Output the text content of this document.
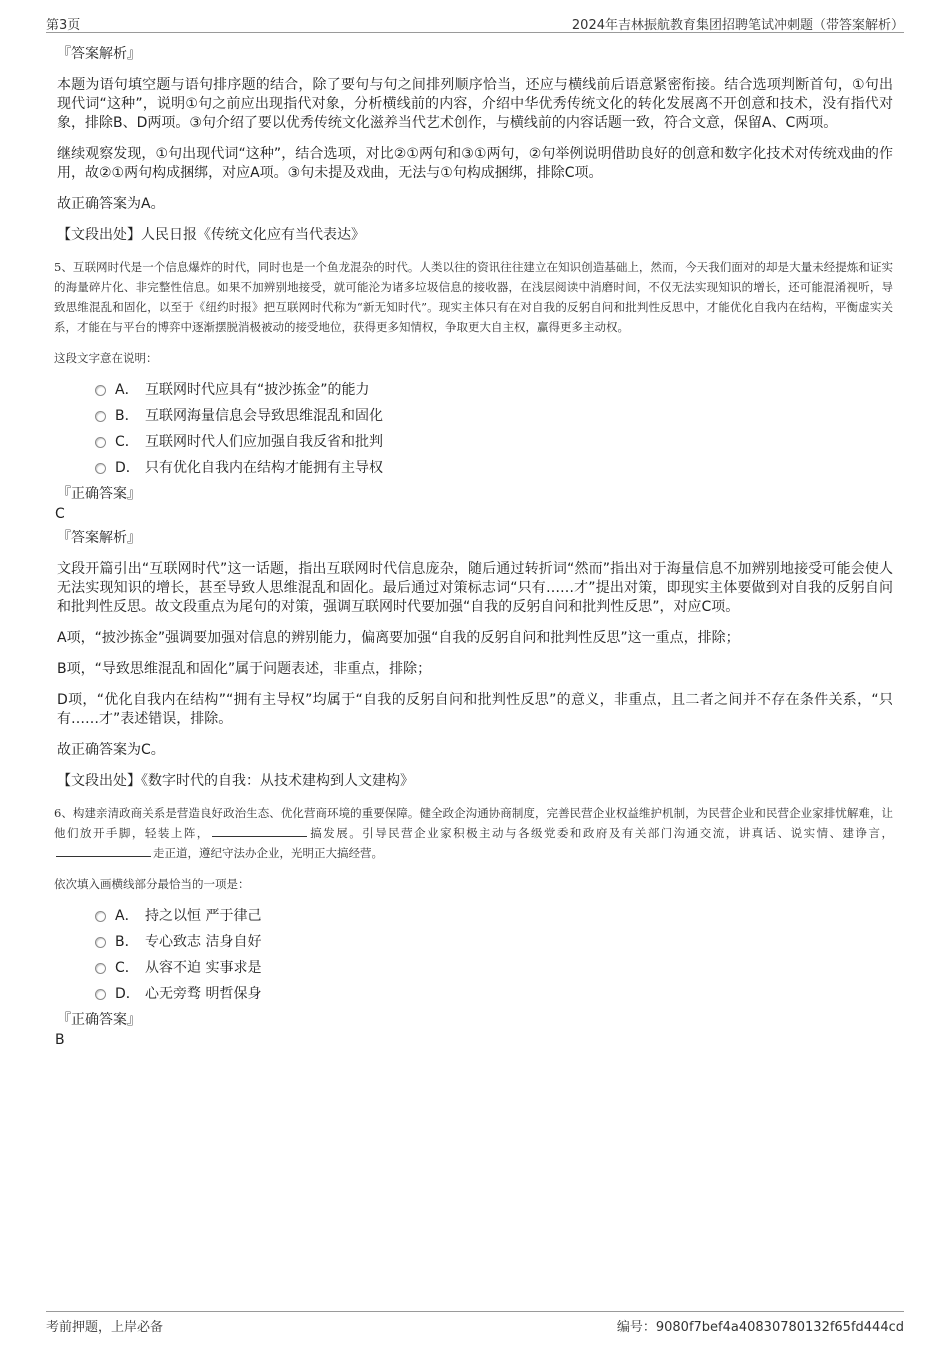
第3页	2024年吉林振航教育集团招聘笔试冲刺题（带答案解析）
『答案解析』

本题为语句填空题与语句排序题的结合，除了要句与句之间排列顺序恰当，还应与横线前后语意紧密衔接。结合选项判断首句，①句出现代词“这种”，说明①句之前应出现指代对象，分析横线前的内容，介绍中华优秀传统文化的转化发展离不开创意和技术，没有指代对象，排除B、D两项。③句介绍了要以优秀传统文化滋养当代艺术创作，与横线前的内容话题一致，符合文意，保留A、C两项。

继续观察发现，①句出现代词“这种”，结合选项，对比②①两句和③①两句，②句举例说明借助良好的创意和数字化技术对传统戏曲的作用，故②①两句构成捆绑，对应A项。③句未提及戏曲，无法与①句构成捆绑，排除C项。

故正确答案为A。

【文段出处】人民日报《传统文化应有当代表达》

5、互联网时代是一个信息爆炸的时代，同时也是一个鱼龙混杂的时代。人类以往的资讯往往建立在知识创造基础上，然而，今天我们面对的却是大量未经提炼和证实的海量碎片化、非完整性信息。如果不加辨别地接受，就可能沦为诸多垃圾信息的接收器，在浅层阅读中消磨时间，不仅无法实现知识的增长，还可能混淆视听，导致思维混乱和固化，以至于《纽约时报》把互联网时代称为“新无知时代”。现实主体只有在对自我的反躬自问和批判性反思中，才能优化自我内在结构，平衡虚实关系，才能在与平台的博弈中逐渐摆脱消极被动的接受地位，获得更多知情权，争取更大自主权，赢得更多主动权。

这段文字意在说明：

A． 互联网时代应具有“披沙拣金”的能力
B． 互联网海量信息会导致思维混乱和固化
C． 互联网时代人们应加强自我反省和批判
D． 只有优化自我内在结构才能拥有主导权
『正确答案』
C
『答案解析』

文段开篇引出“互联网时代”这一话题，指出互联网时代信息庞杂，随后通过转折词“然而”指出对于海量信息不加辨别地接受可能会使人无法实现知识的增长，甚至导致人思维混乱和固化。最后通过对策标志词“只有……才”提出对策，即现实主体要做到对自我的反躬自问和批判性反思。故文段重点为尾句的对策，强调互联网时代要加强“自我的反躬自问和批判性反思”，对应C项。

A项，“披沙拣金”强调要加强对信息的辨别能力，偏离要加强“自我的反躬自问和批判性反思”这一重点，排除；

B项，“导致思维混乱和固化”属于问题表述，非重点，排除；

D项，“优化自我内在结构”“拥有主导权”均属于“自我的反躬自问和批判性反思”的意义，非重点，且二者之间并不存在条件关系，“只有……才”表述错误，排除。

故正确答案为C。

【文段出处】《数字时代的自我：从技术建构到人文建构》

6、构建亲清政商关系是营造良好政治生态、优化营商环境的重要保障。健全政企沟通协商制度，完善民营企业权益维护机制，为民营企业和民营企业家排忧解难，让他们放开手脚，轻装上阵，	搞发展。引导民营企业家积极主动与各级党委和政府及有关部门沟通交流，讲真话、说实情、建诤言，走正道，遵纪守法办企业，光明正大搞经营。

依次填入画横线部分最恰当的一项是：

A． 持之以恒 严于律己
B． 专心致志 洁身自好
C． 从容不迫 实事求是
D． 心无旁骛 明哲保身
『正确答案』
B
考前押题，上岸必备	编号：9080f7bef4a40830780132f65fd444cd
